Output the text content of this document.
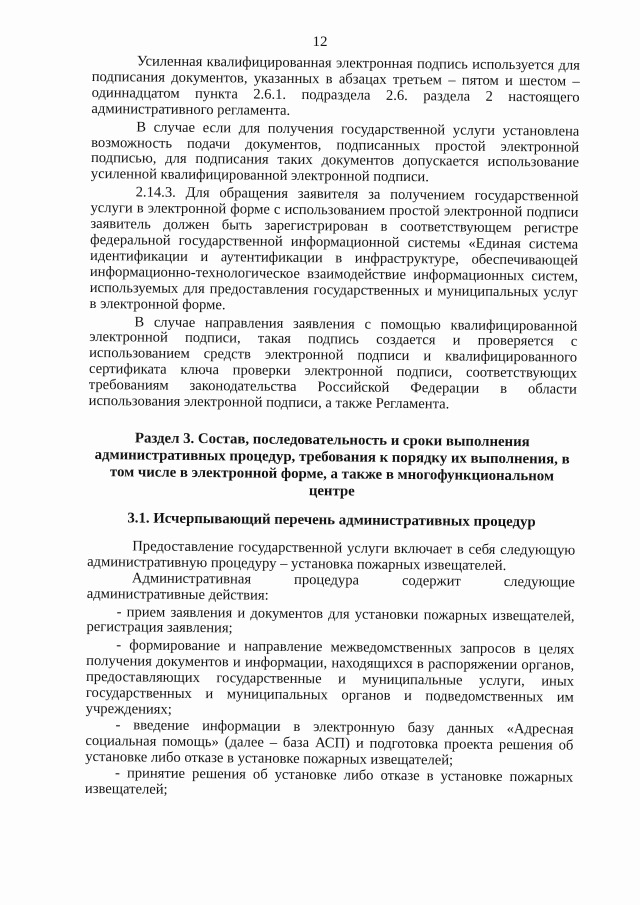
12

Усиленная квалифицированная электронная подпись используется для подписания документов, указанных в абзацах третьем – пятом и шестом – одиннадцатом пункта 2.6.1. подраздела 2.6. раздела 2 настоящего административного регламента.

В случае если для получения государственной услуги установлена возможность подачи документов, подписанных простой электронной подписью, для подписания таких документов допускается использование усиленной квалифицированной электронной подписи.

2.14.3. Для обращения заявителя за получением государственной услуги в электронной форме с использованием простой электронной подписи заявитель должен быть зарегистрирован в соответствующем регистре федеральной государственной информационной системы «Единая система идентификации и аутентификации в инфраструктуре, обеспечивающей информационно-технологическое взаимодействие информационных систем, используемых для предоставления государственных и муниципальных услуг в электронной форме.

В случае направления заявления с помощью квалифицированной электронной подписи, такая подпись создается и проверяется с использованием средств электронной подписи и квалифицированного сертификата ключа проверки электронной подписи, соответствующих требованиям законодательства Российской Федерации в области использования электронной подписи, а также Регламента.

Раздел 3. Состав, последовательность и сроки выполнения административных процедур, требования к порядку их выполнения, в том числе в электронной форме, а также в многофункциональном центре
3.1. Исчерпывающий перечень административных процедур

Предоставление государственной услуги включает в себя следующую административную процедуру – установка пожарных извещателей.

Административная процедура содержит следующие административные действия:

- прием заявления и документов для установки пожарных извещателей, регистрация заявления;

- формирование и направление межведомственных запросов в целях получения документов и информации, находящихся в распоряжении органов, предоставляющих государственные и муниципальные услуги, иных государственных и муниципальных органов и подведомственных им учреждениях;

- введение информации в электронную базу данных «Адресная социальная помощь» (далее – база АСП) и подготовка проекта решения об установке либо отказе в установке пожарных извещателей;

- принятие решения об установке либо отказе в установке пожарных извещателей;
